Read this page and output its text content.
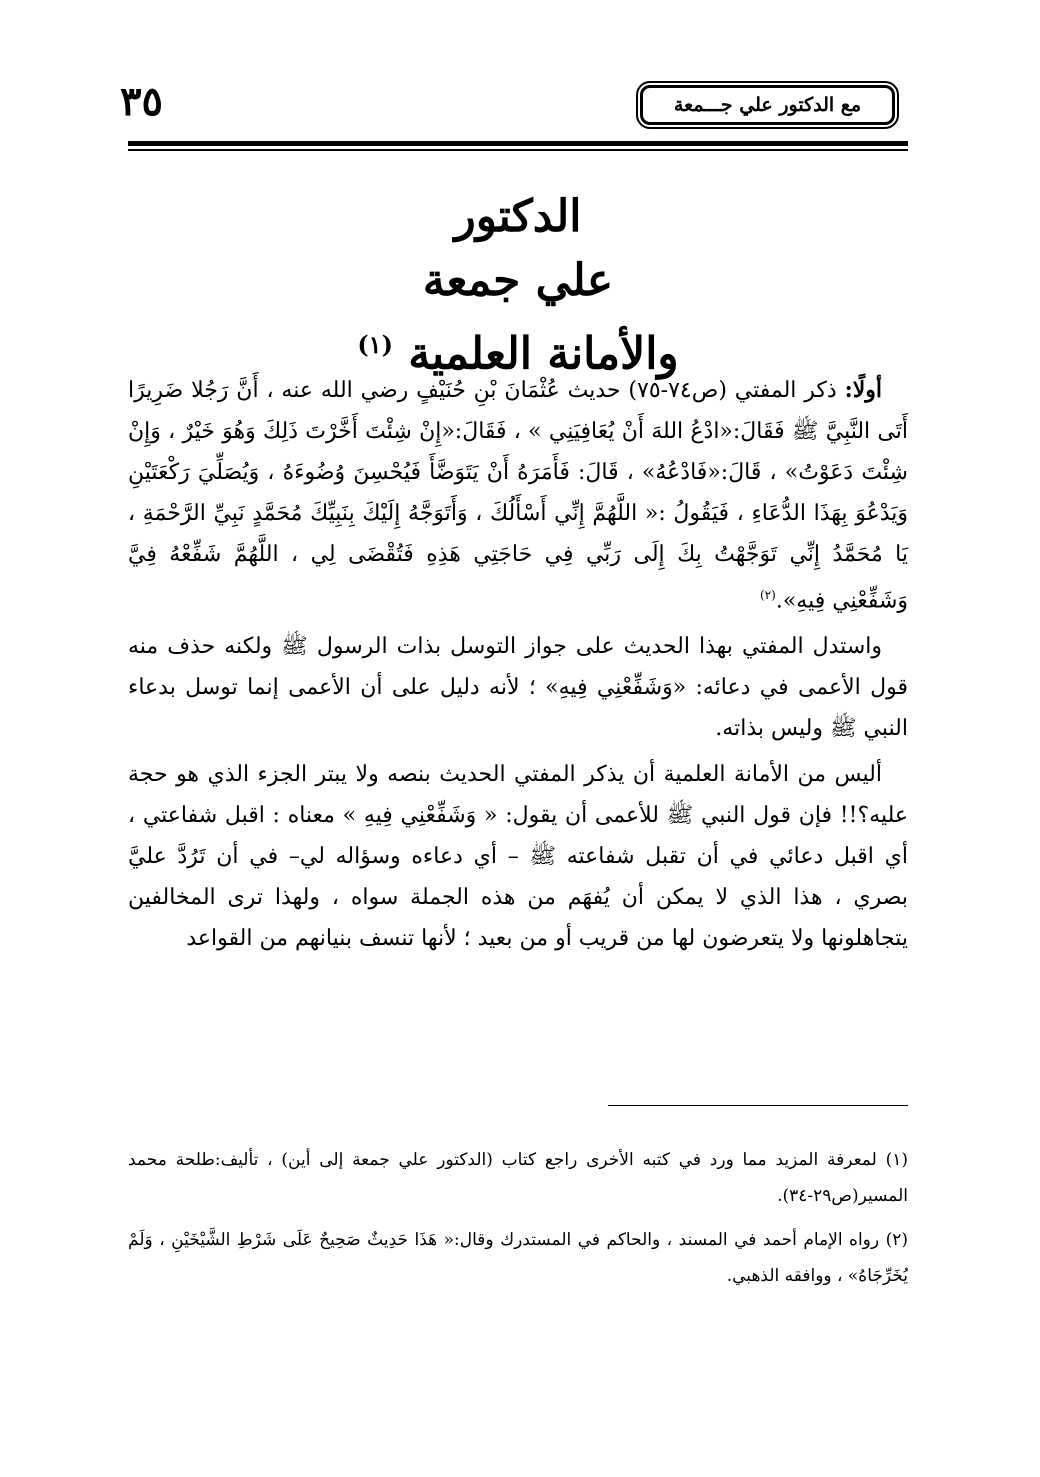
٣٥	مع الدكتور علي جـــمعة
الدكتور
علي جمعة
والأمانة العلمية $^{(١)}$

أولًا: ذكر المفتي (ص٧٤-٧٥) حديث عُثْمَانَ بْنِ حُنَيْفٍ رضي الله عنه ، أَنَّ رَجُلا ضَرِيرًا أَتَى النَّبِيَّ ﷺ فَقَالَ:«ادْعُ اللهَ أَنْ يُعَافِيَنِي » ، فَقَالَ:«إِنْ شِئْتَ أَخَّرْتَ ذَلِكَ وَهُوَ خَيْرٌ ، وَإِنْ شِئْتَ دَعَوْتُ» ، قَالَ:«فَادْعُهُ» ، قَالَ: فَأَمَرَهُ أَنْ يَتَوَضَّأَ فَيُحْسِنَ وُضُوءَهُ ، وَيُصَلِّيَ رَكْعَتَيْنِ وَيَدْعُوَ بِهَذَا الدُّعَاءِ ، فَيَقُولُ :« اللَّهُمَّ إِنِّي أَسْأَلُكَ ، وَأَتَوَجَّهُ إِلَيْكَ بِنَبِيِّكَ مُحَمَّدٍ نَبِيِّ الرَّحْمَةِ ، يَا مُحَمَّدُ إِنِّي تَوَجَّهْتُ بِكَ إِلَى رَبِّي فِي حَاجَتِي هَذِهِ فَتُقْضَى لِي ، اللَّهُمَّ شَفِّعْهُ فِيَّ وَشَفِّعْنِي فِيهِ».$^{(٢)}$

واستدل المفتي بهذا الحديث على جواز التوسل بذات الرسول ﷺ ولكنه حذف منه قول الأعمى في دعائه: «وَشَفِّعْنِي فِيهِ» ؛ لأنه دليل على أن الأعمى إنما توسل بدعاء النبي ﷺ وليس بذاته.

أليس من الأمانة العلمية أن يذكر المفتي الحديث بنصه ولا يبتر الجزء الذي هو حجة عليه؟!! فإن قول النبي ﷺ للأعمى أن يقول: « وَشَفِّعْنِي فِيهِ » معناه : اقبل شفاعتي ، أي اقبل دعائي في أن تقبل شفاعته ﷺ – أي دعاءه وسؤاله لي– في أن تَرُدَّ عليَّ بصري ، هذا الذي لا يمكن أن يُفهَم من هذه الجملة سواه ، ولهذا ترى المخالفين يتجاهلونها ولا يتعرضون لها من قريب أو من بعيد ؛ لأنها تنسف بنيانهم من القواعد

(١) لمعرفة المزيد مما ورد في كتبه الأخرى راجع كتاب (الدكتور علي جمعة إلى أين) ، تأليف:طلحة محمد المسير(ص٢٩-٣٤).

(٢) رواه الإمام أحمد في المسند ، والحاكم في المستدرك وقال:« هَذَا حَدِيثٌ صَحِيحٌ عَلَى شَرْطِ الشَّيْخَيْنِ ، وَلَمْ يُخَرِّجَاهُ» ، ووافقه الذهبي.
